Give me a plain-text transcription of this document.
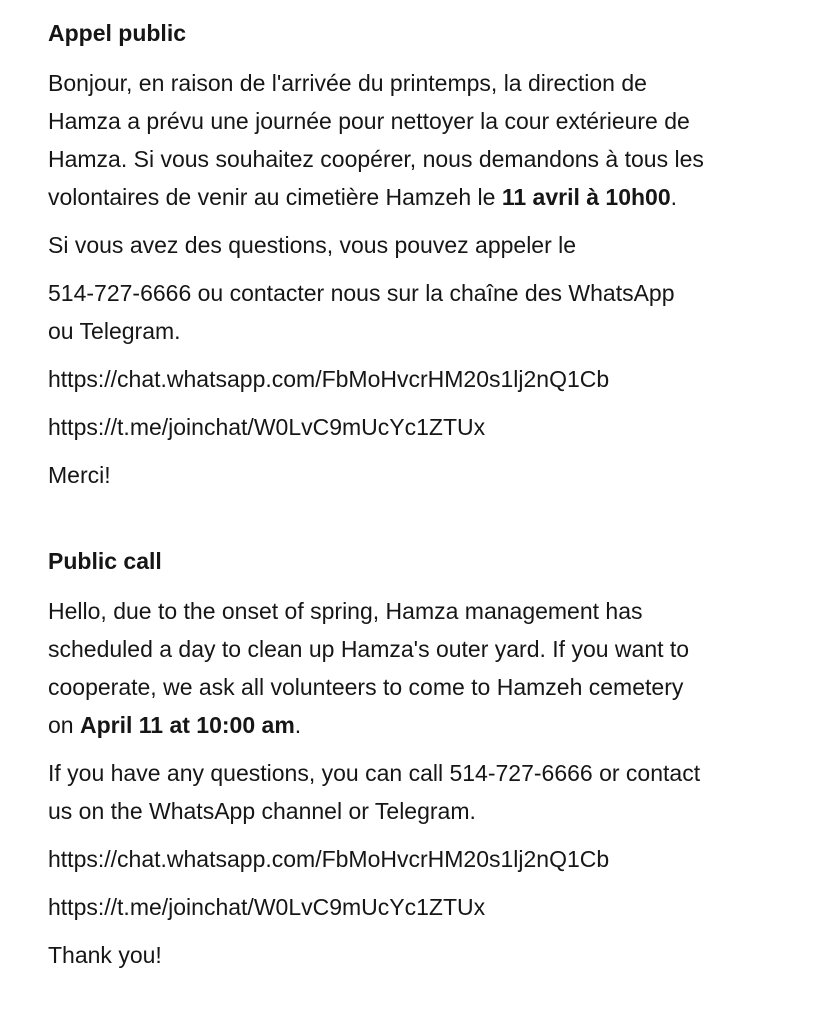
Appel public
Bonjour, en raison de l'arrivée du printemps, la direction de
Hamza a prévu une journée pour nettoyer la cour extérieure de
Hamza. Si vous souhaitez coopérer, nous demandons à tous les
volontaires de venir au cimetière Hamzeh le 11 avril à 10h00.
Si vous avez des questions, vous pouvez appeler le
514-727-6666 ou contacter nous sur la chaîne des WhatsApp
ou Telegram.
https://chat.whatsapp.com/FbMoHvcrHM20s1lj2nQ1Cb
https://t.me/joinchat/W0LvC9mUcYc1ZTUx
Merci!
Public call
Hello, due to the onset of spring, Hamza management has
scheduled a day to clean up Hamza's outer yard. If you want to
cooperate, we ask all volunteers to come to Hamzeh cemetery
on April 11 at 10:00 am.
If you have any questions, you can call 514-727-6666 or contact
us on the WhatsApp channel or Telegram.
https://chat.whatsapp.com/FbMoHvcrHM20s1lj2nQ1Cb
https://t.me/joinchat/W0LvC9mUcYc1ZTUx
Thank you!
